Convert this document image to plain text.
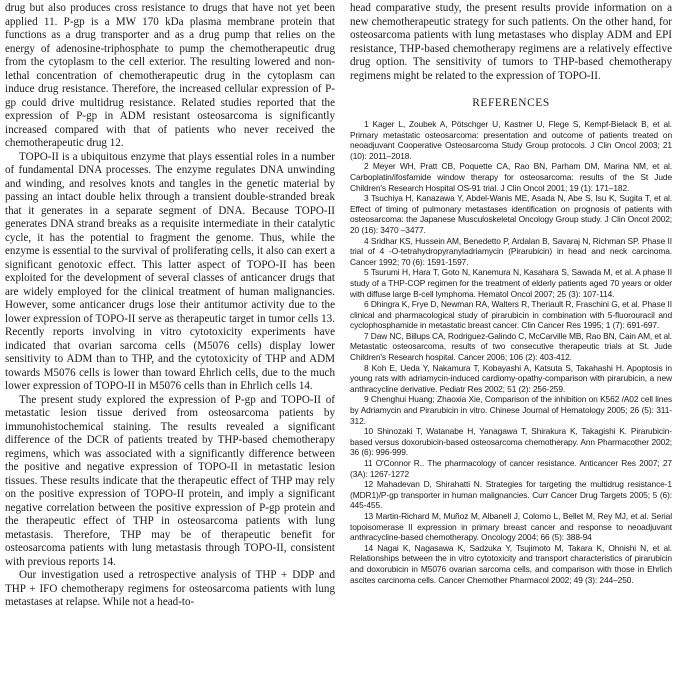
drug but also produces cross resistance to drugs that have not yet been applied 11. P-gp is a MW 170 kDa plasma membrane protein that functions as a drug transporter and as a drug pump that relies on the energy of adenosine-triphosphate to pump the chemotherapeutic drug from the cytoplasm to the cell exterior. The resulting lowered and non-lethal concentration of chemotherapeutic drug in the cytoplasm can induce drug resistance. Therefore, the increased cellular expression of P-gp could drive multidrug resistance. Related studies reported that the expression of P-gp in ADM resistant osteosarcoma is significantly increased compared with that of patients who never received the chemotherapeutic drug 12.

TOPO-II is a ubiquitous enzyme that plays essential roles in a number of fundamental DNA processes. The enzyme regulates DNA unwinding and winding, and resolves knots and tangles in the genetic material by passing an intact double helix through a transient double-stranded break that it generates in a separate segment of DNA. Because TOPO-II generates DNA strand breaks as a requisite intermediate in their catalytic cycle, it has the potential to fragment the genome. Thus, while the enzyme is essential to the survival of proliferating cells, it also can exert a significant genotoxic effect. This latter aspect of TOPO-II has been exploited for the development of several classes of anticancer drugs that are widely employed for the clinical treatment of human malignancies. However, some anticancer drugs lose their antitumor activity due to the lower expression of TOPO-II serve as therapeutic target in tumor cells 13. Recently reports involving in vitro cytotoxicity experiments have indicated that ovarian sarcoma cells (M5076 cells) display lower sensitivity to ADM than to THP, and the cytotoxicity of THP and ADM towards M5076 cells is lower than toward Ehrlich cells, due to the much lower expression of TOPO-II in M5076 cells than in Ehrlich cells 14.

The present study explored the expression of P-gp and TOPO-II of metastatic lesion tissue derived from osteosarcoma patients by immunohistochemical staining. The results revealed a significant difference of the DCR of patients treated by THP-based chemotherapy regimens, which was associated with a significantly difference between the positive and negative expression of TOPO-II in metastatic lesion tissues. These results indicate that the therapeutic effect of THP may rely on the positive expression of TOPO-II protein, and imply a significant negative correlation between the positive expression of P-gp protein and the therapeutic effect of THP in osteosarcoma patients with lung metastasis. Therefore, THP may be of therapeutic benefit for osteosarcoma patients with lung metastasis through TOPO-II, consistent with previous reports 14.

Our investigation used a retrospective analysis of THP + DDP and THP + IFO chemotherapy regimens for osteosarcoma patients with lung metastases at relapse. While not a head-to-

head comparative study, the present results provide information on a new chemotherapeutic strategy for such patients. On the other hand, for osteosarcoma patients with lung metastases who display ADM and EPI resistance, THP-based chemotherapy regimens are a relatively effective drug option. The sensitivity of tumors to THP-based chemotherapy regimens might be related to the expression of TOPO-II.

REFERENCES

1 Kager L, Zoubek A, Pötschger U, Kastner U, Flege S, Kempf-Bielack B, et al. Primary metastatic osteosarcoma: presentation and outcome of patients treated on neoadjuvant Cooperative Osteosarcoma Study Group protocols. J Clin Oncol 2003; 21 (10): 2011–2018.

2 Meyer WH, Pratt CB, Poquette CA, Rao BN, Parham DM, Marina NM, et al. Carboplatin/ifosfamide window therapy for osteosarcoma: results of the St Jude Children's Research Hospital OS-91 trial. J Clin Oncol 2001; 19 (1): 171–182.

3 Tsuchiya H, Kanazawa Y, Abdel-Wanis ME, Asada N, Abe S, Isu K, Sugita T, et al. Effect of timing of pulmonary metastases identification on prognosis of patients with osteosarcoma: the Japanese Musculoskeletal Oncology Group study. J Clin Oncol 2002; 20 (16): 3470 –3477.

4 Sridhar KS, Hussein AM, Benedetto P, Ardalan B, Savaraj N, Richman SP. Phase II trial of 4 -O-tetrahydropyranyladriamycin (Pirarubicin) in head and neck carcinoma. Cancer 1992; 70 (6): 1591-1597.

5 Tsurumi H, Hara T, Goto N, Kanemura N, Kasahara S, Sawada M, et al. A phase II study of a THP-COP regimen for the treatment of elderly patients aged 70 years or older with diffuse large B-cell lymphoma. Hematol Oncol 2007; 25 (3): 107-114.

6 Dhingra K, Frye D, Newman RA, Walters R, Theriault R, Fraschini G, et al. Phase II clinical and pharmacological study of pirarubicin in combination with 5-fluorouracil and cyclophosphamide in metastatic breast cancer. Clin Cancer Res 1995; 1 (7): 691-697.

7 Daw NC, Billups CA, Rodriguez-Galindo C, McCarville MB, Rao BN, Cain AM, et al. Metastatic osteosarcoma, results of two consecutive therapeutic trials at St. Jude Children's Research hospital. Cancer 2006; 106 (2): 403-412.

8 Koh E, Ueda Y, Nakamura T, Kobayashi A, Katsuta S, Takahashi H. Apoptosis in young rats with adriamycin-induced cardiomy-opathy-comparison with pirarubicin, a new anthracycline derivative. Pediatr Res 2002; 51 (2): 256-259.

9 Chenghui Huang; Zhaoxia Xie, Comparison of the inhibition on K562 /A02 cell lines by Adriamycin and Pirarubicin in vitro. Chinese Journal of Hematology 2005; 26 (5): 311-312.

10 Shinozaki T, Watanabe H, Yanagawa T, Shirakura K, Takagishi K. Pirarubicin-based versus doxorubicin-based osteosarcoma chemotherapy. Ann Pharmacother 2002; 36 (6): 996-999.

11 O'Connor R.. The pharmacology of cancer resistance. Anticancer Res 2007; 27 (3A): 1267-1272

12 Mahadevan D, Shirahatti N. Strategies for targeting the multidrug resistance-1 (MDR1)/P-gp transporter in human malignancies. Curr Cancer Drug Targets 2005; 5 (6): 445-455.

13 Martin-Richard M, Muñoz M, Albanell J, Colomo L, Bellet M, Rey MJ, et al. Serial topoisomerase II expression in primary breast cancer and response to neoadjuvant anthracycline-based chemotherapy. Oncology 2004; 66 (5): 388-94

14 Nagai K, Nagasawa K, Sadzuka Y, Tsujimoto M, Takara K, Ohnishi N, et al. Relationships between the in vitro cytotoxicity and transport characteristics of pirarubicin and doxorubicin in M5076 ovarian sarcoma cells, and comparison with those in Ehrlich ascites carcinoma cells. Cancer Chemother Pharmacol 2002; 49 (3): 244–250.
